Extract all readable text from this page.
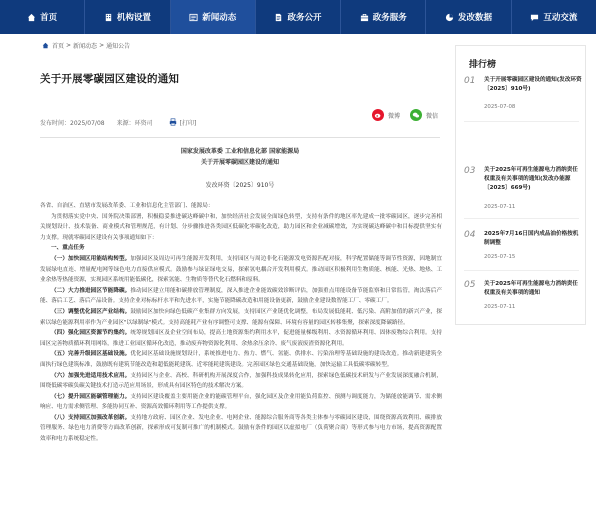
首页	机构设置	新闻动态	政务公开	政务服务	发改数据	互动交流
首页 > 新闻动态 > 通知公告
关于开展零碳园区建设的通知
微博	微信
发布时间：2025/07/08 来源：环资司	[打印]
国家发展改革委 工业和信息化部 国家能源局
关于开展零碳园区建设的通知
发改环资〔2025〕910号

各省、自治区、直辖市发展改革委、工业和信息化主管部门、能源局：

为贯彻落实党中央、国务院决策部署，积极稳妥推进碳达峰碳中和，加快经济社会发展全面绿色转型，支持有条件的地区率先建成一批零碳园区，逐步完善相关规划设计、技术装备、商业模式和管理规范，有计划、分步骤推进各类园区低碳化零碳化改造，助力园区和企业减碳增效，为实现碳达峰碳中和目标提供坚实有力支撑。现就零碳园区建设有关事项通知如下：

一、重点任务

（一）加快园区用能结构转型。加强园区及周边可再生能源开发利用，支持园区与周边非化石能源发电资源匹配对接，科学配置储能等调节性资源，因地制宜发展绿电直连、增量配电网等绿色电力直接供应模式。鼓励参与绿证绿电交易，探索氢电耦合开发利用模式。推动园区积极利用生物质能、核能、光热、地热、工业余热等热能资源，实现园区系统用能低碳化，探索氢能、生物质等替代化石燃料和原料。

（二）大力推进园区节能降碳。推动园区建立用能和碳排放管理制度，深入推进企业能效碳效诊断评估，加强重点用能设备节能监察和日常监管，淘汰落后产能、落后工艺、落后产品设备。支持企业对标标杆水平和先进水平，实施节能降碳改造和用能设备更新，鼓励企业建设数智能工厂、零碳工厂。

（三）调整优化园区产业结构。鼓励园区加快向绿色低碳产业集群方向发展，支持园区产业链优化调整，布局发展低能耗、低污染、高附加值的新兴产业，探索以绿色能源利用率作为产业园区"以绿制绿"模式。支持高能耗产业有序调整可支撑、能源有保障、环境有容量的园区转移集聚，探索深度降碳路径。

（四）强化园区资源节约集约。统筹规划园区及企业空间布局，提高土地资源集约利用水平，促进能量梯级利用、水资源循环利用、固体废物综合利用。支持园区完善物质循环利用网络，推进工业园区循环化改造，推动废弃物资源化利用、余热余压余冷、废气废液废渣资源化利用。

（五）完善升级园区基础设施。优化园区基础设施规划设计，系统推进电力、热力、燃气、氢能、供排水、污染治理等基础设施的建设改造。推动新建建筑全面执行绿色建筑标准，鼓励既有建筑节能改造和超低能耗建筑、近零能耗建筑建设。完善园区绿色交通基础设施，加快运输工具低碳零碳转型。

（六）加强先进适用技术应用。支持园区与企业、高校、科研机构开展深度合作，加强科技成果转化应用，探索绿色低碳技术研发与产业发展深度融合机制，围绕低碳零碳负碳关键技术打造示范应用场景，形成具有园区特色的技术解决方案。

（七）提升园区能碳管理能力。支持园区建设覆盖主要用能企业的能碳管理平台，强化园区及企业用能负荷监控、预测与调度能力，为储能放能调节、需求侧响应、电力需求侧管理、多能协同互补、资源高效循环利用等工作提供支撑。

（八）支持园区加强改革创新。支持地方政府、园区企业、发电企业、电网企业、能源综合服务商等各类主体参与零碳园区建设，围绕资源高效利用、碳排放管理服务、绿色电力消费等方面改革创新，探索形成可复制可推广的机制模式。鼓励有条件的园区以虚拟电厂（负荷聚合商）等形式参与电力市场，提高资源配置效率和电力系统稳定性。

排行榜
01 关于开展零碳园区建设的通知(发改环资〔2025〕910号)
2025-07-08
03 关于2025年可再生能源电力消纳责任权重及有关事项的通知(发改办能源〔2025〕669号)
2025-07-11
04 2025年7月16日国内成品油价格按机制调整
2025-07-15
05 关于2025年可再生能源电力消纳责任权重及有关事项的通知
2025-07-11
